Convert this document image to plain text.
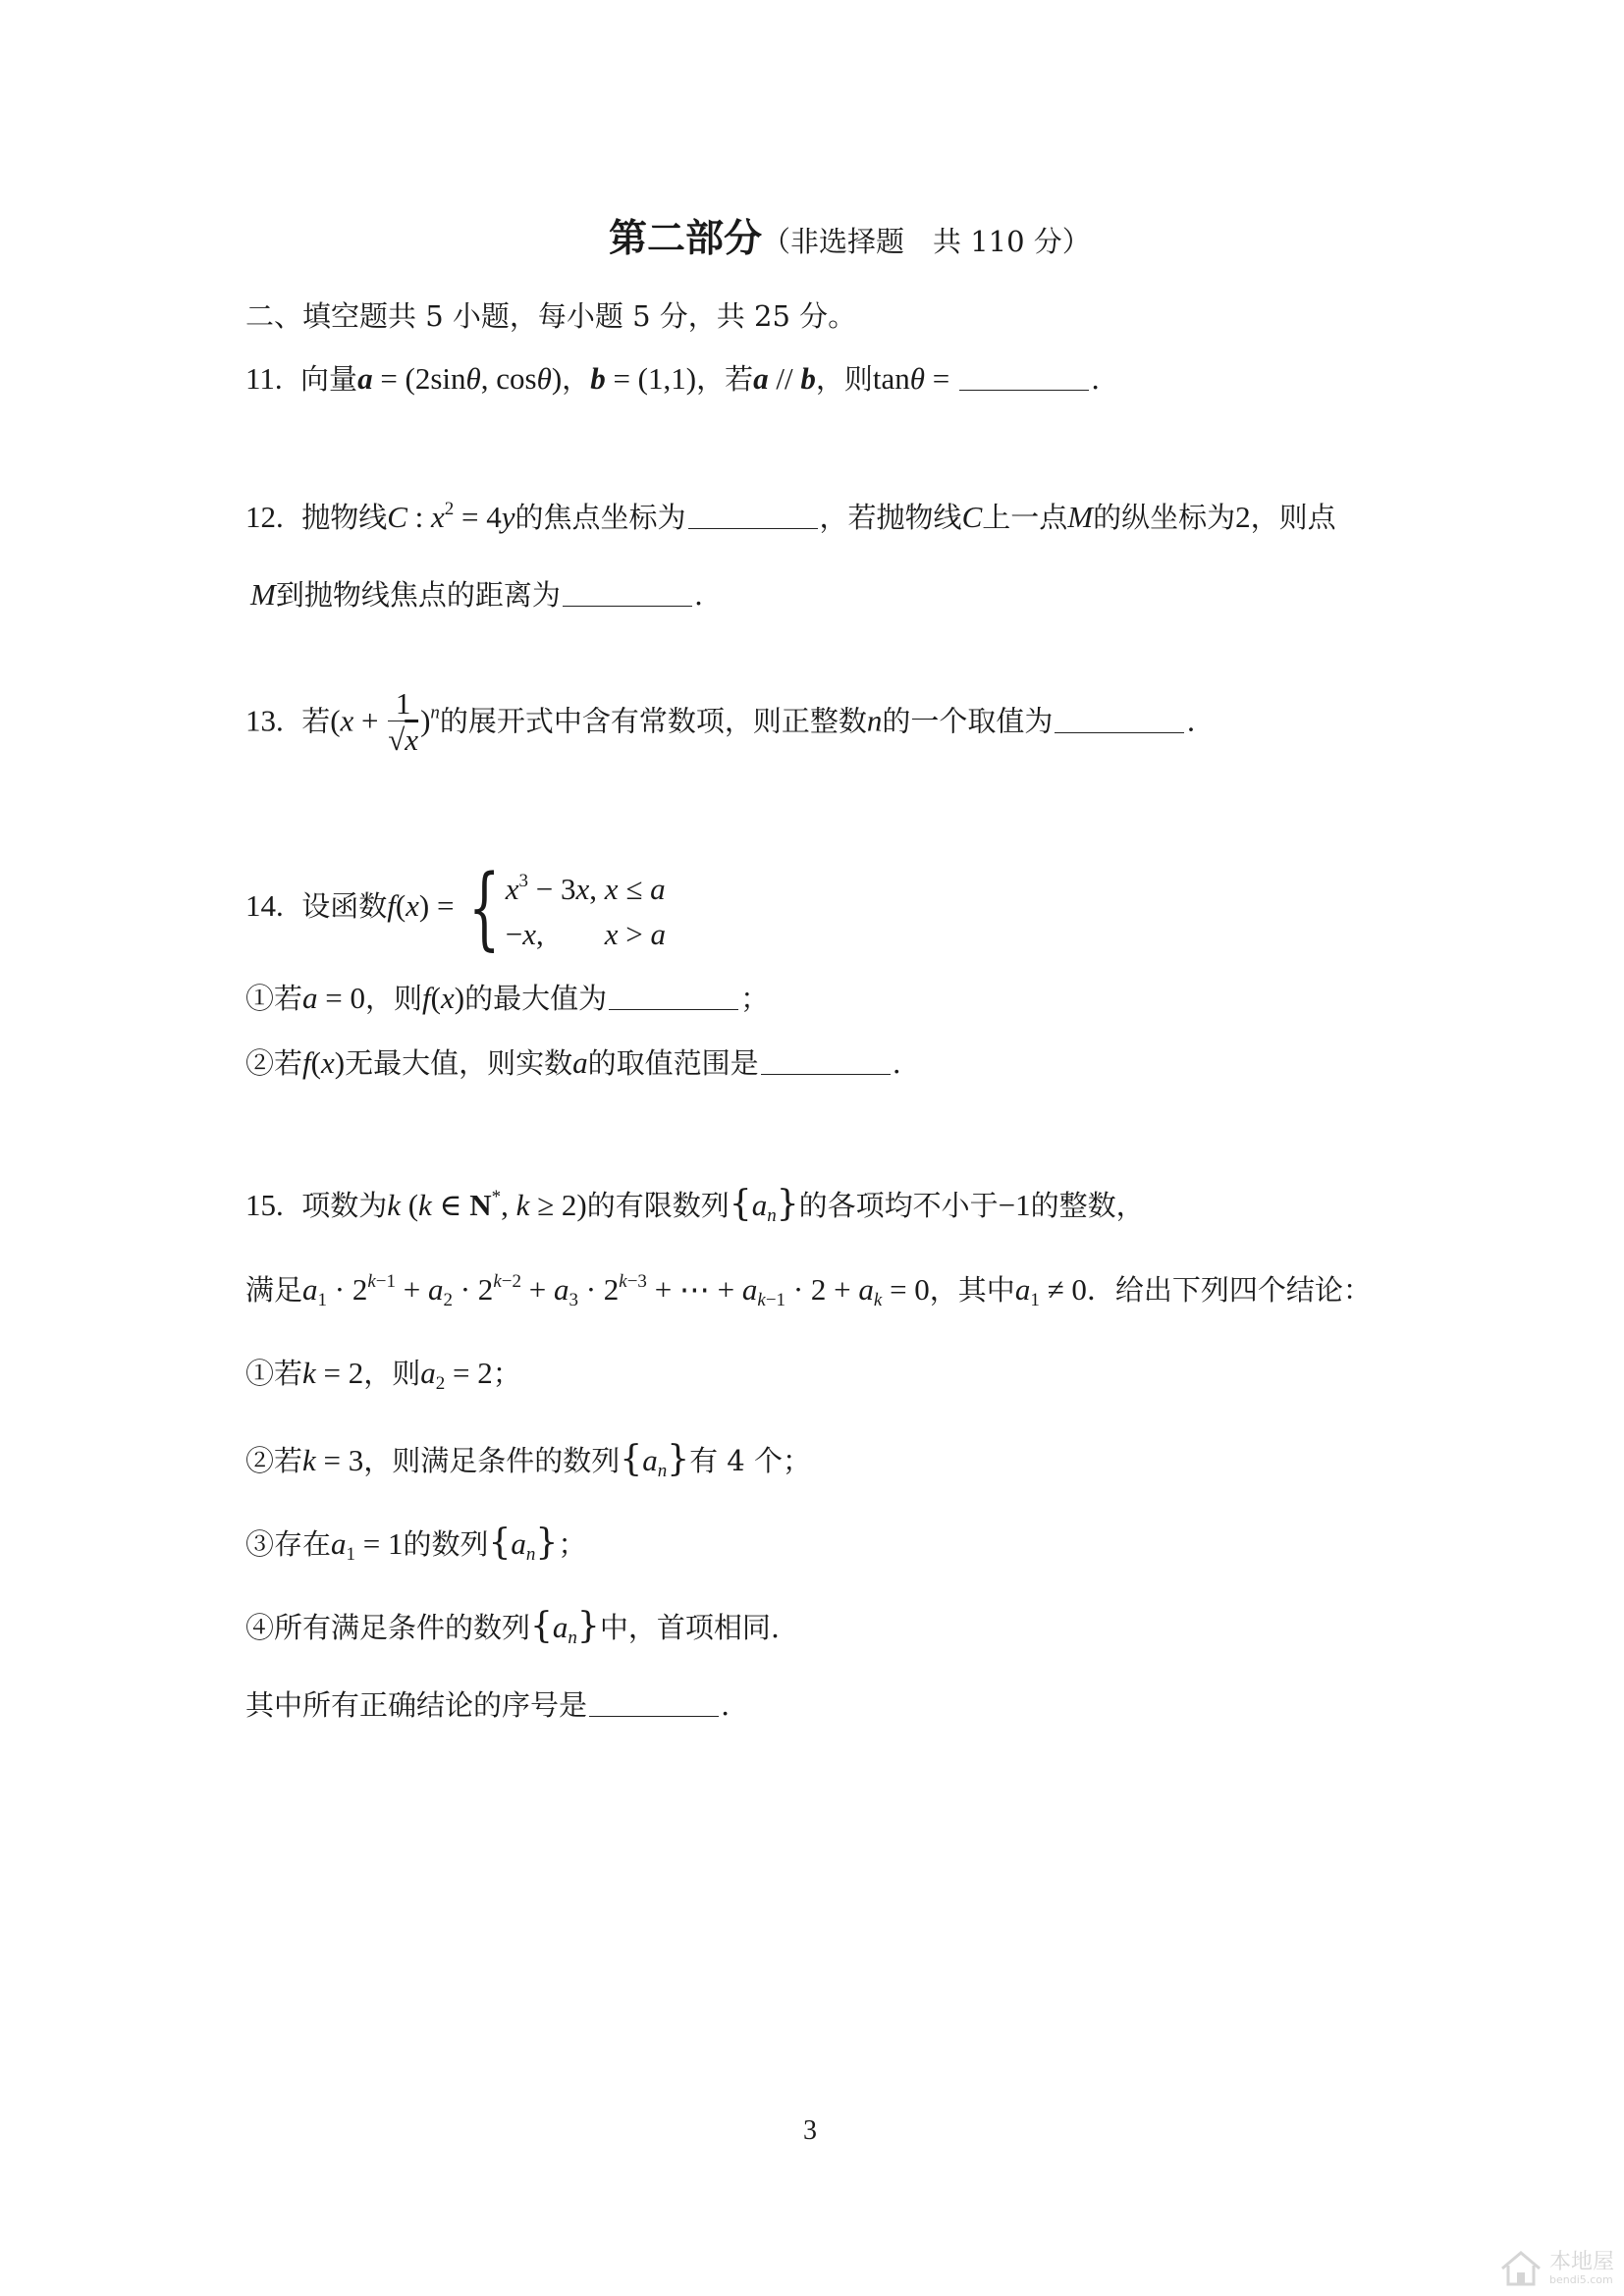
第二部分（非选择题　共 110 分）
二、填空题共 5 小题，每小题 5 分，共 25 分。
11. 向量a = (2sinθ, cosθ)，b = (1,1)，若a // b，则tanθ =	.
12. 抛物线C : $x^2 = 4y$的焦点坐标为	，若抛物线C上一点M的纵坐标为2，则点
M到抛物线焦点的距离为	.
13. 若$(x + \frac{1}{√x} )^n$的展开式中含有常数项，则正整数n的一个取值为	.
14. 设函数f(x) = { $x^3 - 3x$, x ≤ a
−x,        x > a
①若a = 0，则f(x)的最大值为	；
②若f(x)无最大值，则实数a的取值范围是	.
15. 项数为k (k ∈ N*, k ≥ 2)的有限数列$\{a_n\}$的各项均不小于−1的整数，
满足$a_1 \cdot 2^{k-1} + a_2 \cdot 2^{k-2} + a_3 \cdot 2^{k-3}$ + ⋯ + $a_{k-1} \cdot 2 + a_k = 0$，其中$a_1 \ne 0$．给出下列四个结论：
①若k = 2，则$a_2 = 2$；
②若k = 3，则满足条件的数列$\{a_n\}$有 4 个；
③存在$a_1 = 1$的数列$\{a_n\}$；
④所有满足条件的数列$\{a_n\}$中，首项相同.
其中所有正确结论的序号是	.
3
本地屋
bendi5.com
